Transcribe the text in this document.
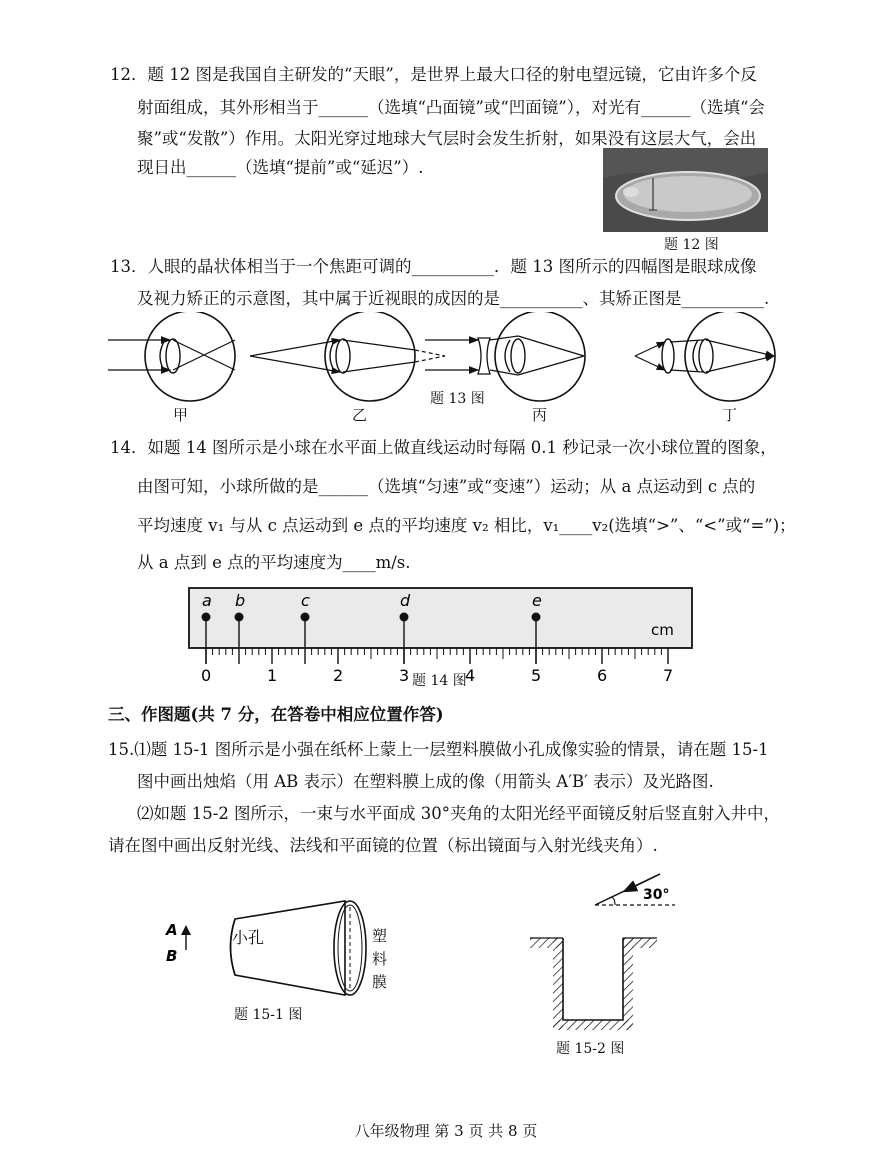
12．题 12 图是我国自主研发的“天眼”，是世界上最大口径的射电望远镜，它由许多个反
射面组成，其外形相当于______（选填“凸面镜”或“凹面镜”），对光有______（选填“会
聚”或“发散”）作用。太阳光穿过地球大气层时会发生折射，如果没有这层大气，会出
现日出______（选填“提前”或“延迟”）.
题 12 图
13．人眼的晶状体相当于一个焦距可调的__________．题 13 图所示的四幅图是眼球成像
及视力矫正的示意图，其中属于近视眼的成因的是__________、其矫正图是__________.
题 13 图
甲	乙	丙	丁
14．如题 14 图所示是小球在水平面上做直线运动时每隔 0.1 秒记录一次小球位置的图象，
由图可知，小球所做的是______（选填“匀速”或“变速”）运动；从 a 点运动到 c 点的
平均速度 v₁ 与从 c 点运动到 e 点的平均速度 v₂ 相比，v₁____v₂(选填“>”、“<”或“=”)；
从 a 点到 e 点的平均速度为____m/s.
0	1	2	3	4	5	6	7
a b	c	d	e
cm
题 14 图
三、作图题(共 7 分，在答卷中相应位置作答)
15.⑴题 15-1 图所示是小强在纸杯上蒙上一层塑料膜做小孔成像实验的情景，请在题 15-1
图中画出烛焰（用 AB 表示）在塑料膜上成的像（用箭头 A′B′ 表示）及光路图.
⑵如题 15-2 图所示，一束与水平面成 30°夹角的太阳光经平面镜反射后竖直射入井中，
请在图中画出反射光线、法线和平面镜的位置（标出镜面与入射光线夹角）.
A
B
小孔	塑
料
膜
题 15-1 图
30°
题 15-2 图
八年级物理 第 3 页 共 8 页
